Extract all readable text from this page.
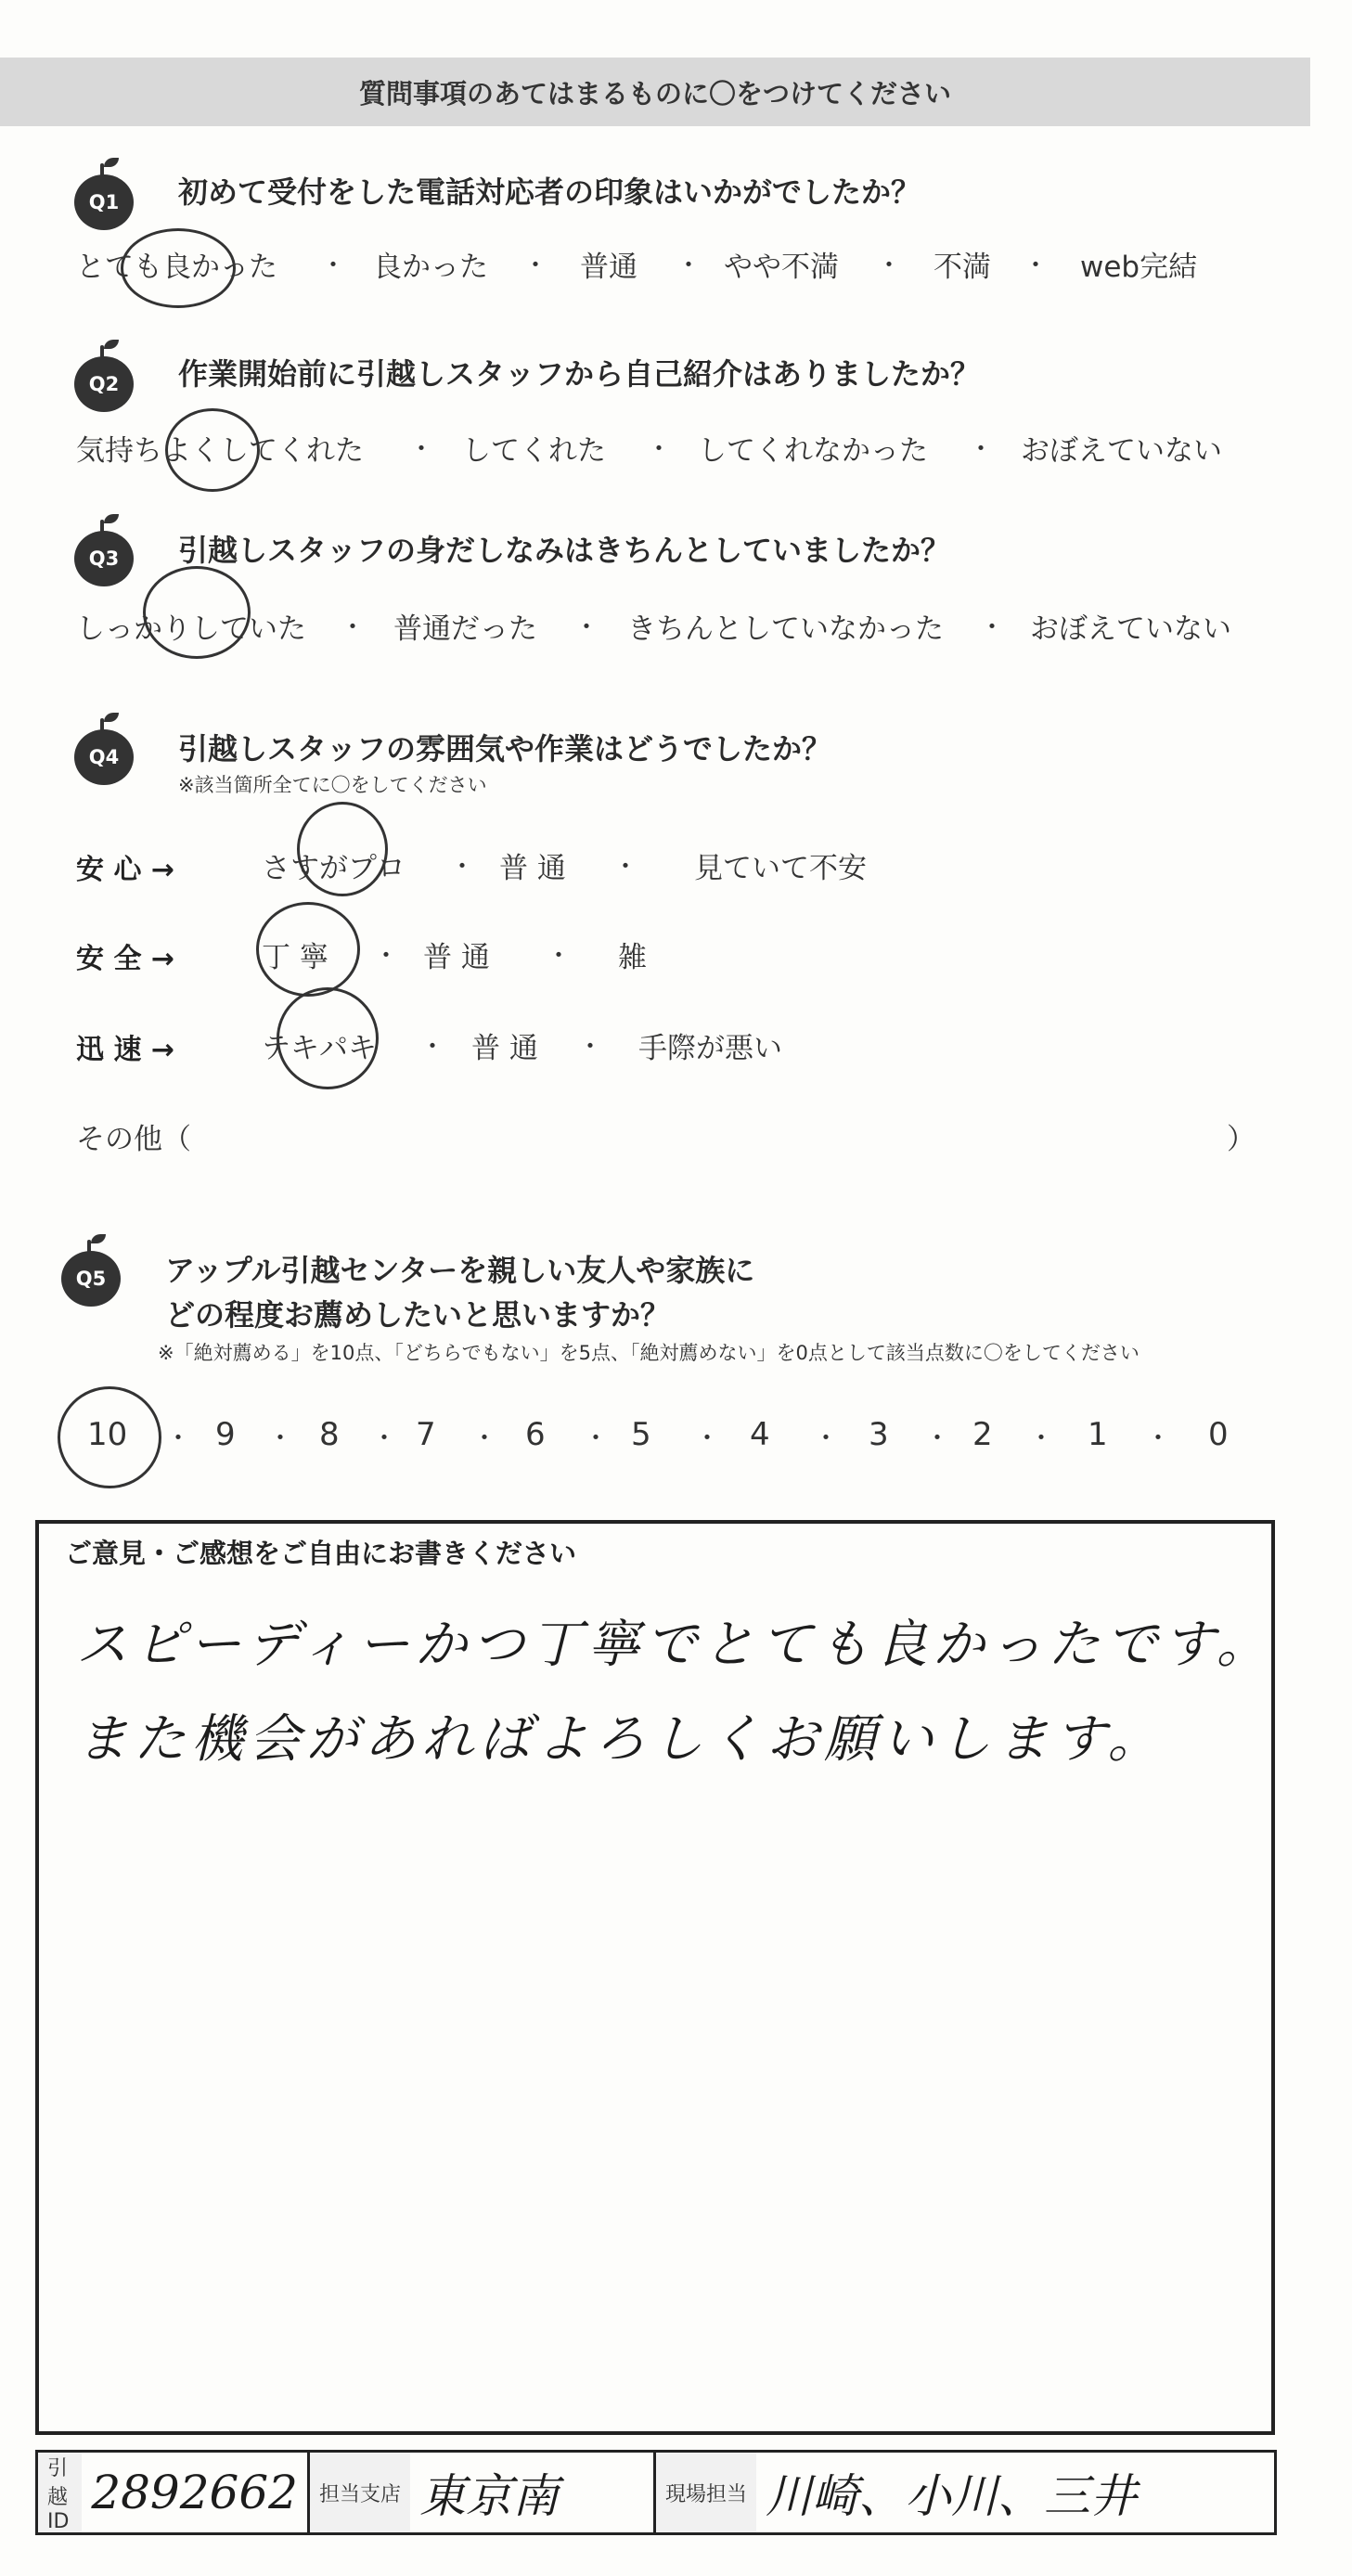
質問事項のあてはまるものに〇をつけてください
Q1 初めて受付をした電話対応者の印象はいかがでしたか？
とても良かった ・ 良かった ・ 普通 ・ やや不満 ・ 不満 ・ web完結
Q2 作業開始前に引越しスタッフから自己紹介はありましたか？
気持ちよくしてくれた ・ してくれた ・ してくれなかった ・ おぼえていない
Q3 引越しスタッフの身だしなみはきちんとしていましたか？
しっかりしていた ・ 普通だった ・ きちんとしていなかった ・ おぼえていない
Q4 引越しスタッフの雰囲気や作業はどうでしたか？
※該当箇所全てに〇をしてください
安 心 →	さすがプロ ・ 普 通 ・ 見ていて不安
安 全 →	丁 寧 ・ 普 通 ・ 雑
迅 速 →	テキパキ ・ 普 通 ・ 手際が悪い
その他（	）
Q5 アップル引越センターを親しい友人や家族に
どの程度お薦めしたいと思いますか？
※「絶対薦める」を10点、「どちらでもない」を5点、「絶対薦めない」を0点として該当点数に〇をしてください
10 ・ 9 ・ 8 ・ 7 ・ 6 ・ 5 ・ 4 ・ 3 ・ 2 ・ 1 ・ 0
ご意見・ご感想をご自由にお書きください
スピーディーかつ丁寧でとても良かったです。
また機会があればよろしくお願いします。
引越ID
2892662	担当支店 東京南	現場担当 川崎、小川、三井
